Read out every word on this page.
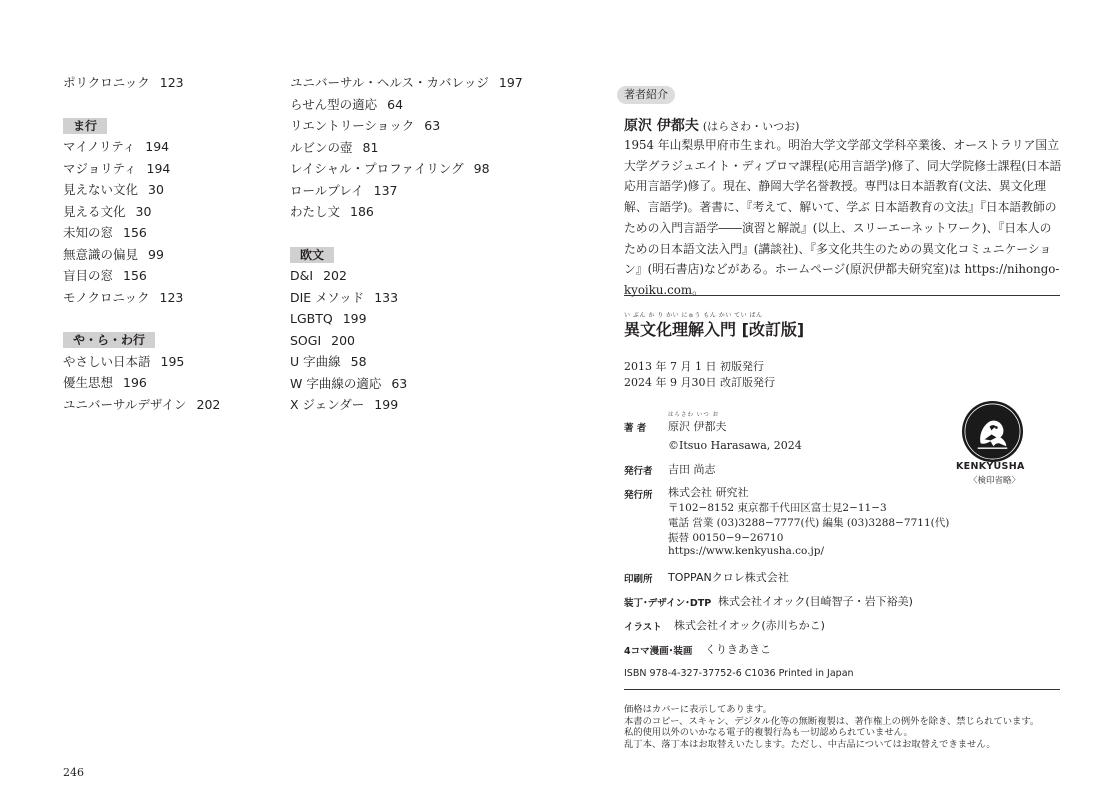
ポリクロニック 123
ま行
マイノリティ 194
マジョリティ 194
見えない文化 30
見える文化 30
未知の窓 156
無意識の偏見 99
盲目の窓 156
モノクロニック 123
や・ら・わ行
やさしい日本語 195
優生思想 196
ユニバーサルデザイン 202
ユニバーサル・ヘルス・カバレッジ 197
らせん型の適応 64
リエントリーショック 63
ルビンの壺 81
レイシャル・プロファイリング 98
ロールプレイ 137
わたし文 186
欧文
D&I 202
DIE メソッド 133
LGBTQ 199
SOGI 200
U 字曲線 58
W 字曲線の適応 63
X ジェンダー 199
246
著者紹介
原沢 伊都夫 (はらさわ・いつお)

1954 年山梨県甲府市生まれ。明治大学文学部文学科卒業後、オーストラリア国立大学グラジュエイト・ディプロマ課程(応用言語学)修了、同大学院修士課程(日本語応用言語学)修了。現在、静岡大学名誉教授。専門は日本語教育(文法、異文化理解、言語学)。著書に、『考えて、解いて、学ぶ 日本語教育の文法』『日本語教師のための入門言語学――演習と解説』(以上、スリーエーネットワーク)、『日本人のための日本語文法入門』(講談社)、『多文化共生のための異文化コミュニケーション』(明石書店)などがある。ホームページ(原沢伊都夫研究室)は https://nihongo-kyoiku.com。

い ぶん か り かい にゅう もん かい てい ばん
異文化理解入門 [改訂版]
2013 年 7 月 1 日 初版発行
2024 年 9 月30日 改訂版発行
はらさわ いつ お
著 者 原沢 伊都夫
©Itsuo Harasawa, 2024
発行者 吉田 尚志
発行所 株式会社 研究社
〒102−8152 東京都千代田区富士見2−11−3
電話 営業 (03)3288−7777(代) 編集 (03)3288−7711(代)
振替 00150−9−26710
https://www.kenkyusha.co.jp/
印刷所 TOPPANクロレ株式会社
装丁･デザイン･DTP 株式会社イオック(目崎智子・岩下裕美)
イラスト 株式会社イオック(赤川ちかこ)
4コマ漫画･装画 くりきあきこ
ISBN 978-4-327-37752-6 C1036 Printed in Japan
KENKYUSHA
〈検印省略〉
価格はカバーに表示してあります。
本書のコピー、スキャン、デジタル化等の無断複製は、著作権上の例外を除き、禁じられています。
私的使用以外のいかなる電子的複製行為も一切認められていません。
乱丁本、落丁本はお取替えいたします。ただし、中古品についてはお取替えできません。
